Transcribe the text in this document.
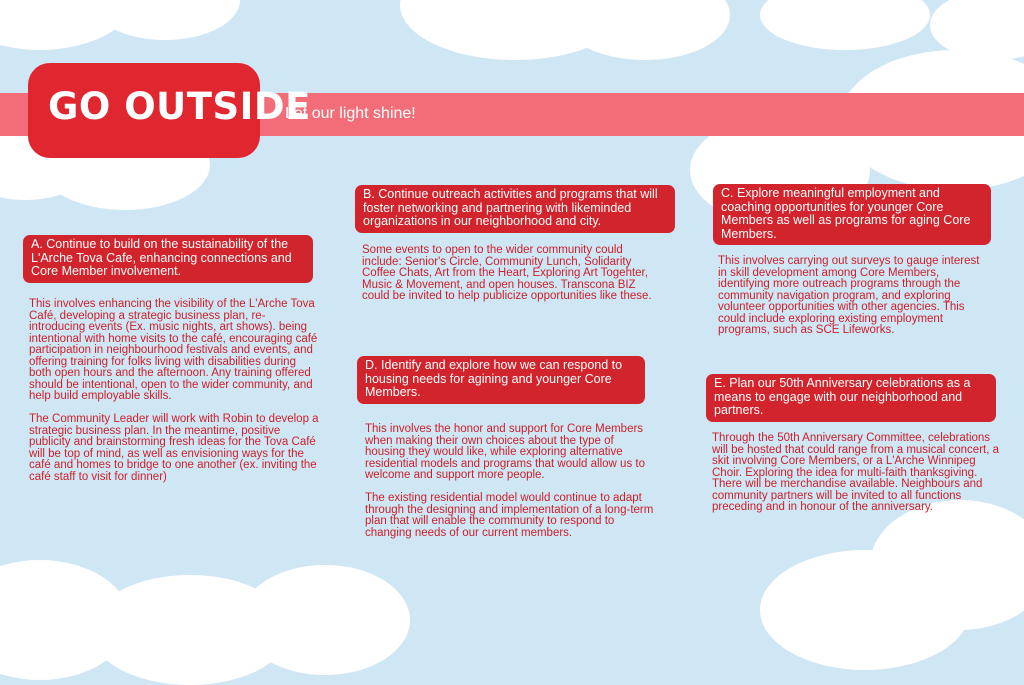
GO OUTSIDE
Let our light shine!
A. Continue to build on the sustainability of the L'Arche Tova Cafe, enhancing connections and Core Member involvement.

This involves enhancing the visibility of the L'Arche Tova Café, developing a strategic business plan, re-introducing events (Ex. music nights, art shows). being intentional with home visits to the café, encouraging café participation in neighbourhood festivals and events, and offering training for folks living with disabilities during both open hours and the afternoon. Any training offered should be intentional, open to the wider community, and help build employable skills.

The Community Leader will work with Robin to develop a strategic business plan. In the meantime, positive publicity and brainstorming fresh ideas for the Tova Café will be top of mind, as well as envisioning ways for the café and homes to bridge to one another (ex. inviting the café staff to visit for dinner)

B. Continue outreach activities and programs that will foster networking and partnering with likeminded organizations in our neighborhood and city.

Some events to open to the wider community could include: Senior's Circle, Community Lunch, Solidarity Coffee Chats, Art from the Heart, Exploring Art Togehter, Music & Movement, and open houses. Transcona BIZ could be invited to help publicize opportunities like these.

C. Explore meaningful employment and coaching opportunities for younger Core Members as well as programs for aging Core Members.

This involves carrying out surveys to gauge interest in skill development among Core Members, identifying more outreach programs through the community navigation program, and exploring volunteer opportunities with other agencies. This could include exploring existing employment programs, such as SCE Lifeworks.

D. Identify and explore how we can respond to housing needs for agining and younger Core Members.

This involves the honor and support for Core Members when making their own choices about the type of housing they would like, while exploring alternative residential models and programs that would allow us to welcome and support more people.

The existing residential model would continue to adapt through the designing and implementation of a long-term plan that will enable the community to respond to changing needs of our current members.

E. Plan our 50th Anniversary celebrations as a means to engage with our neighborhood and partners.

Through the 50th Anniversary Committee, celebrations will be hosted that could range from a musical concert, a skit involving Core Members, or a L'Arche Winnipeg Choir. Exploring the idea for multi-faith thanksgiving. There will be merchandise available. Neighbours and community partners will be invited to all functions preceding and in honour of the anniversary.
